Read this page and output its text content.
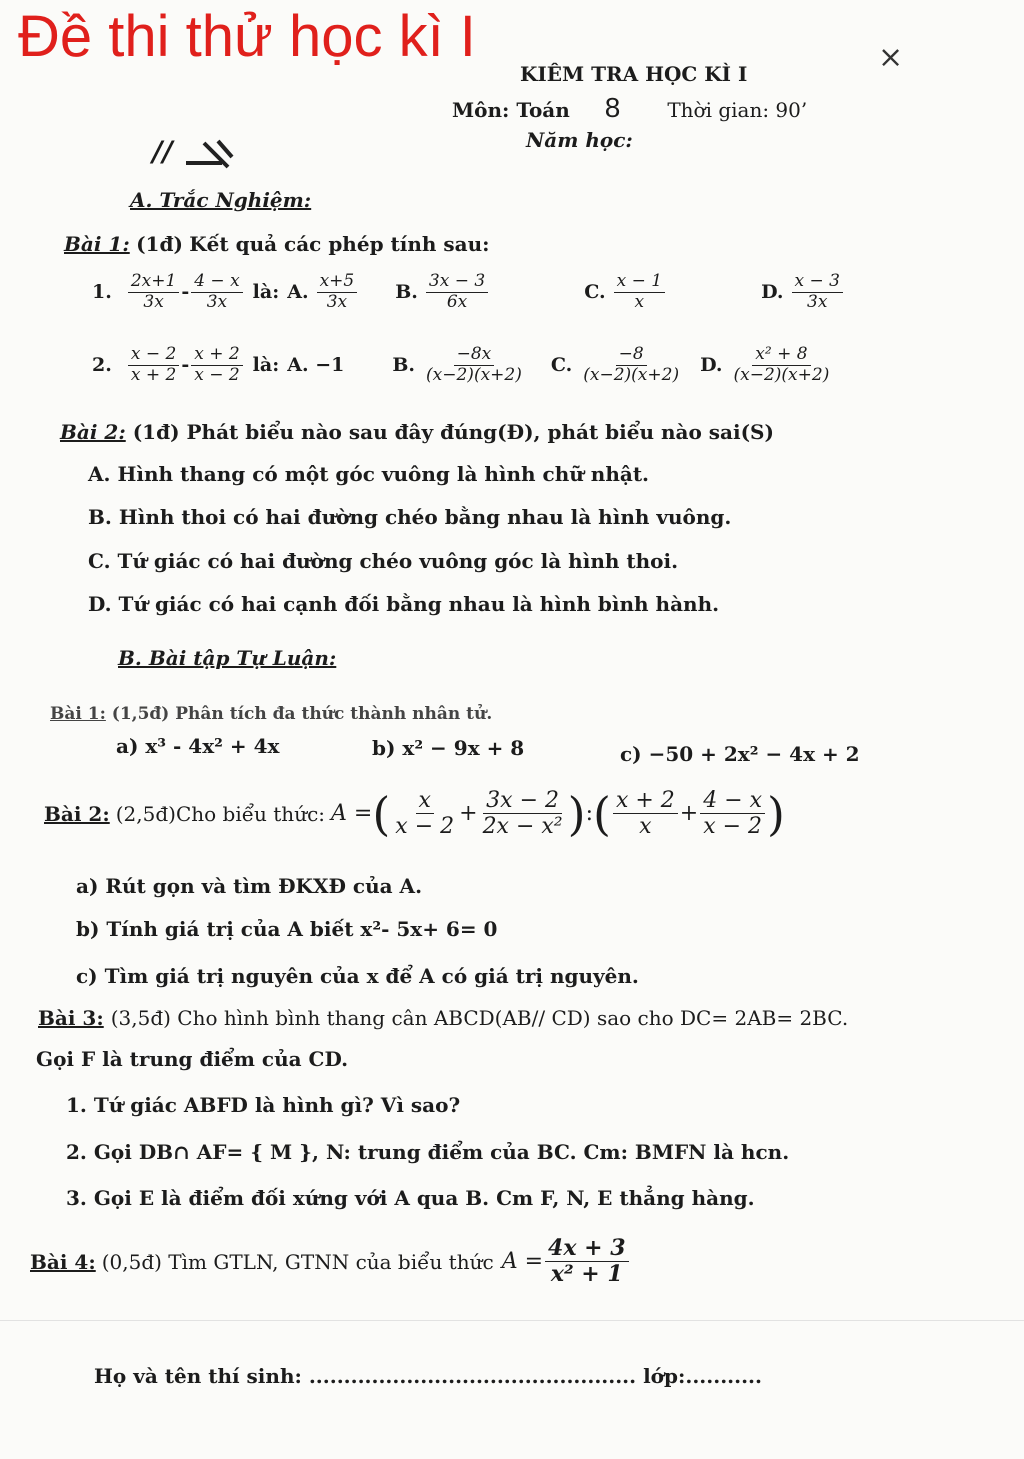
Đề thi thử học kì I	×
KIÊM TRA HỌC KÌ I
Môn: Toán 8 Thời gian: 90’
Năm học:
//
A. Trắc Nghiệm:
Bài 1: (1đ) Kết quả các phép tính sau:
1. $\frac{2x+1}{3x} - \frac{4 - x}{3x}$ là: A. $\frac{x+5}{3x} B$. $\frac{3x - 3}{6x}$	C. $\frac{x - 1}{x}$	D. $\frac{x - 3}{3x}$
2. $\frac{x - 2}{x + 2} - \frac{x + 2}{x - 2}$ là: A. −1	B. $\frac{-8x}{(x-2)(x+2)} C$. $\frac{-8}{(x-2)(x+2)} D$. $\frac{\text{x² + 8}}{(x-2)(x+2)}$
Bài 2: (1đ) Phát biểu nào sau đây đúng(Đ), phát biểu nào sai(S)
A. Hình thang có một góc vuông là hình chữ nhật.
B. Hình thoi có hai đường chéo bằng nhau là hình vuông.
C. Tứ giác có hai đường chéo vuông góc là hình thoi.
D. Tứ giác có hai cạnh đối bằng nhau là hình bình hành.
B. Bài tập Tự Luận:
Bài 1: (1,5đ) Phân tích đa thức thành nhân tử.
a) x³ - 4x² + 4x	b) x² − 9x + 8	c) −50 + 2x² − 4x + 2
Bài 2: (2,5đ)Cho biểu thức: A = ( $\frac{x}{x - 2} + \frac{3x - 2}{\text{2x − x²}}$ ) : ( $\frac{x + 2}{x} + \frac{4 - x}{x - 2}$ )
a) Rút gọn và tìm ĐKXĐ của A.
b) Tính giá trị của A biết x²- 5x+ 6= 0
c) Tìm giá trị nguyên của x để A có giá trị nguyên.
Bài 3: (3,5đ) Cho hình bình thang cân ABCD(AB// CD) sao cho DC= 2AB= 2BC.
Gọi F là trung điểm của CD.
1. Tứ giác ABFD là hình gì? Vì sao?
2. Gọi DB∩ AF= { M }, N: trung điểm của BC. Cm: BMFN là hcn.
3. Gọi E là điểm đối xứng với A qua B. Cm F, N, E thẳng hàng.
Bài 4: (0,5đ) Tìm GTLN, GTNN của biểu thức $A = \frac{4x + 3}{\text{x² + 1}}$
Họ và tên thí sinh: ............................................... lớp:...........
